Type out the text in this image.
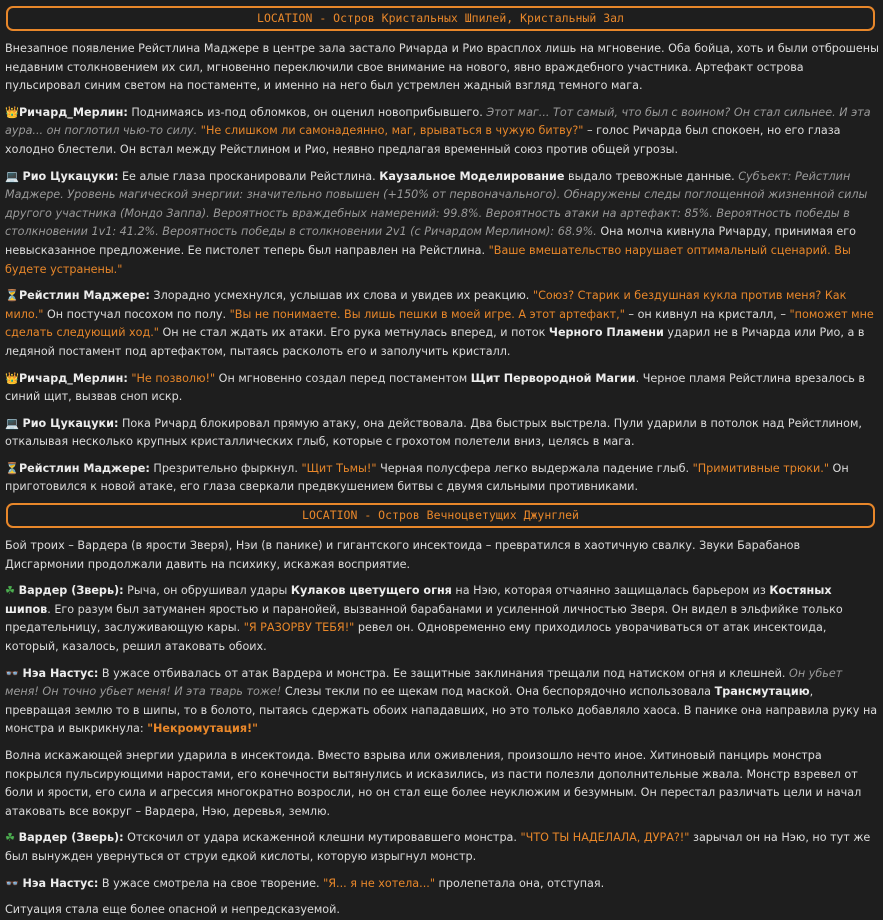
LOCATION - Остров Кристальных Шпилей, Кристальный Зал

Внезапное появление Рейстлина Маджере в центре зала застало Ричарда и Рио врасплох лишь на мгновение. Оба бойца, хоть и были отброшены недавним столкновением их сил, мгновенно переключили свое внимание на нового, явно враждебного участника. Артефакт острова пульсировал синим светом на постаменте, и именно на него был устремлен жадный взгляд темного мага.

👑Ричард_Мерлин: Поднимаясь из-под обломков, он оценил новоприбывшего. Этот маг... Тот самый, что был с воином? Он стал сильнее. И эта аура... он поглотил чью-то силу. "Не слишком ли самонадеянно, маг, врываться в чужую битву?" – голос Ричарда был спокоен, но его глаза холодно блестели. Он встал между Рейстлином и Рио, неявно предлагая временный союз против общей угрозы.

💻 Рио Цукацуки: Ее алые глаза просканировали Рейстлина. Каузальное Моделирование выдало тревожные данные. Субъект: Рейстлин Маджере. Уровень магической энергии: значительно повышен (+150% от первоначального). Обнаружены следы поглощенной жизненной силы другого участника (Мондо Заппа). Вероятность враждебных намерений: 99.8%. Вероятность атаки на артефакт: 85%. Вероятность победы в столкновении 1v1: 41.2%. Вероятность победы в столкновении 2v1 (с Ричардом Мерлином): 68.9%. Она молча кивнула Ричарду, принимая его невысказанное предложение. Ее пистолет теперь был направлен на Рейстлина. "Ваше вмешательство нарушает оптимальный сценарий. Вы будете устранены."

⏳Рейстлин Маджере: Злорадно усмехнулся, услышав их слова и увидев их реакцию. "Союз? Старик и бездушная кукла против меня? Как мило." Он постучал посохом по полу. "Вы не понимаете. Вы лишь пешки в моей игре. А этот артефакт," – он кивнул на кристалл, – "поможет мне сделать следующий ход." Он не стал ждать их атаки. Его рука метнулась вперед, и поток Черного Пламени ударил не в Ричарда или Рио, а в ледяной постамент под артефактом, пытаясь расколоть его и заполучить кристалл.

👑Ричард_Мерлин: "Не позволю!" Он мгновенно создал перед постаментом Щит Первородной Магии. Черное пламя Рейстлина врезалось в синий щит, вызвав сноп искр.

💻 Рио Цукацуки: Пока Ричард блокировал прямую атаку, она действовала. Два быстрых выстрела. Пули ударили в потолок над Рейстлином, откалывая несколько крупных кристаллических глыб, которые с грохотом полетели вниз, целясь в мага.

⏳Рейстлин Маджере: Презрительно фыркнул. "Щит Тьмы!" Черная полусфера легко выдержала падение глыб. "Примитивные трюки." Он приготовился к новой атаке, его глаза сверкали предвкушением битвы с двумя сильными противниками.

LOCATION - Остров Вечноцветущих Джунглей

Бой троих – Вардера (в ярости Зверя), Нэи (в панике) и гигантского инсектоида – превратился в хаотичную свалку. Звуки Барабанов Дисгармонии продолжали давить на психику, искажая восприятие.

☘ Вардер (Зверь): Рыча, он обрушивал удары Кулаков цветущего огня на Нэю, которая отчаянно защищалась барьером из Костяных шипов. Его разум был затуманен яростью и паранойей, вызванной барабанами и усиленной личностью Зверя. Он видел в эльфийке только предательницу, заслуживающую кары. "Я РАЗОРВУ ТЕБЯ!" ревел он. Одновременно ему приходилось уворачиваться от атак инсектоида, который, казалось, решил атаковать обоих.

👓 Нэа Настус: В ужасе отбивалась от атак Вардера и монстра. Ее защитные заклинания трещали под натиском огня и клешней. Он убьет меня! Он точно убьет меня! И эта тварь тоже! Слезы текли по ее щекам под маской. Она беспорядочно использовала Трансмутацию, превращая землю то в шипы, то в болото, пытаясь сдержать обоих нападавших, но это только добавляло хаоса. В панике она направила руку на монстра и выкрикнула: "Некромутация!"

Волна искажающей энергии ударила в инсектоида. Вместо взрыва или оживления, произошло нечто иное. Хитиновый панцирь монстра покрылся пульсирующими наростами, его конечности вытянулись и исказились, из пасти полезли дополнительные жвала. Монстр взревел от боли и ярости, его сила и агрессия многократно возросли, но он стал еще более неуклюжим и безумным. Он перестал различать цели и начал атаковать все вокруг – Вардера, Нэю, деревья, землю.

☘ Вардер (Зверь): Отскочил от удара искаженной клешни мутировавшего монстра. "ЧТО ТЫ НАДЕЛАЛА, ДУРА?!" зарычал он на Нэю, но тут же был вынужден увернуться от струи едкой кислоты, которую изрыгнул монстр.

👓 Нэа Настус: В ужасе смотрела на свое творение. "Я... я не хотела..." пролепетала она, отступая.

Ситуация стала еще более опасной и непредсказуемой.
